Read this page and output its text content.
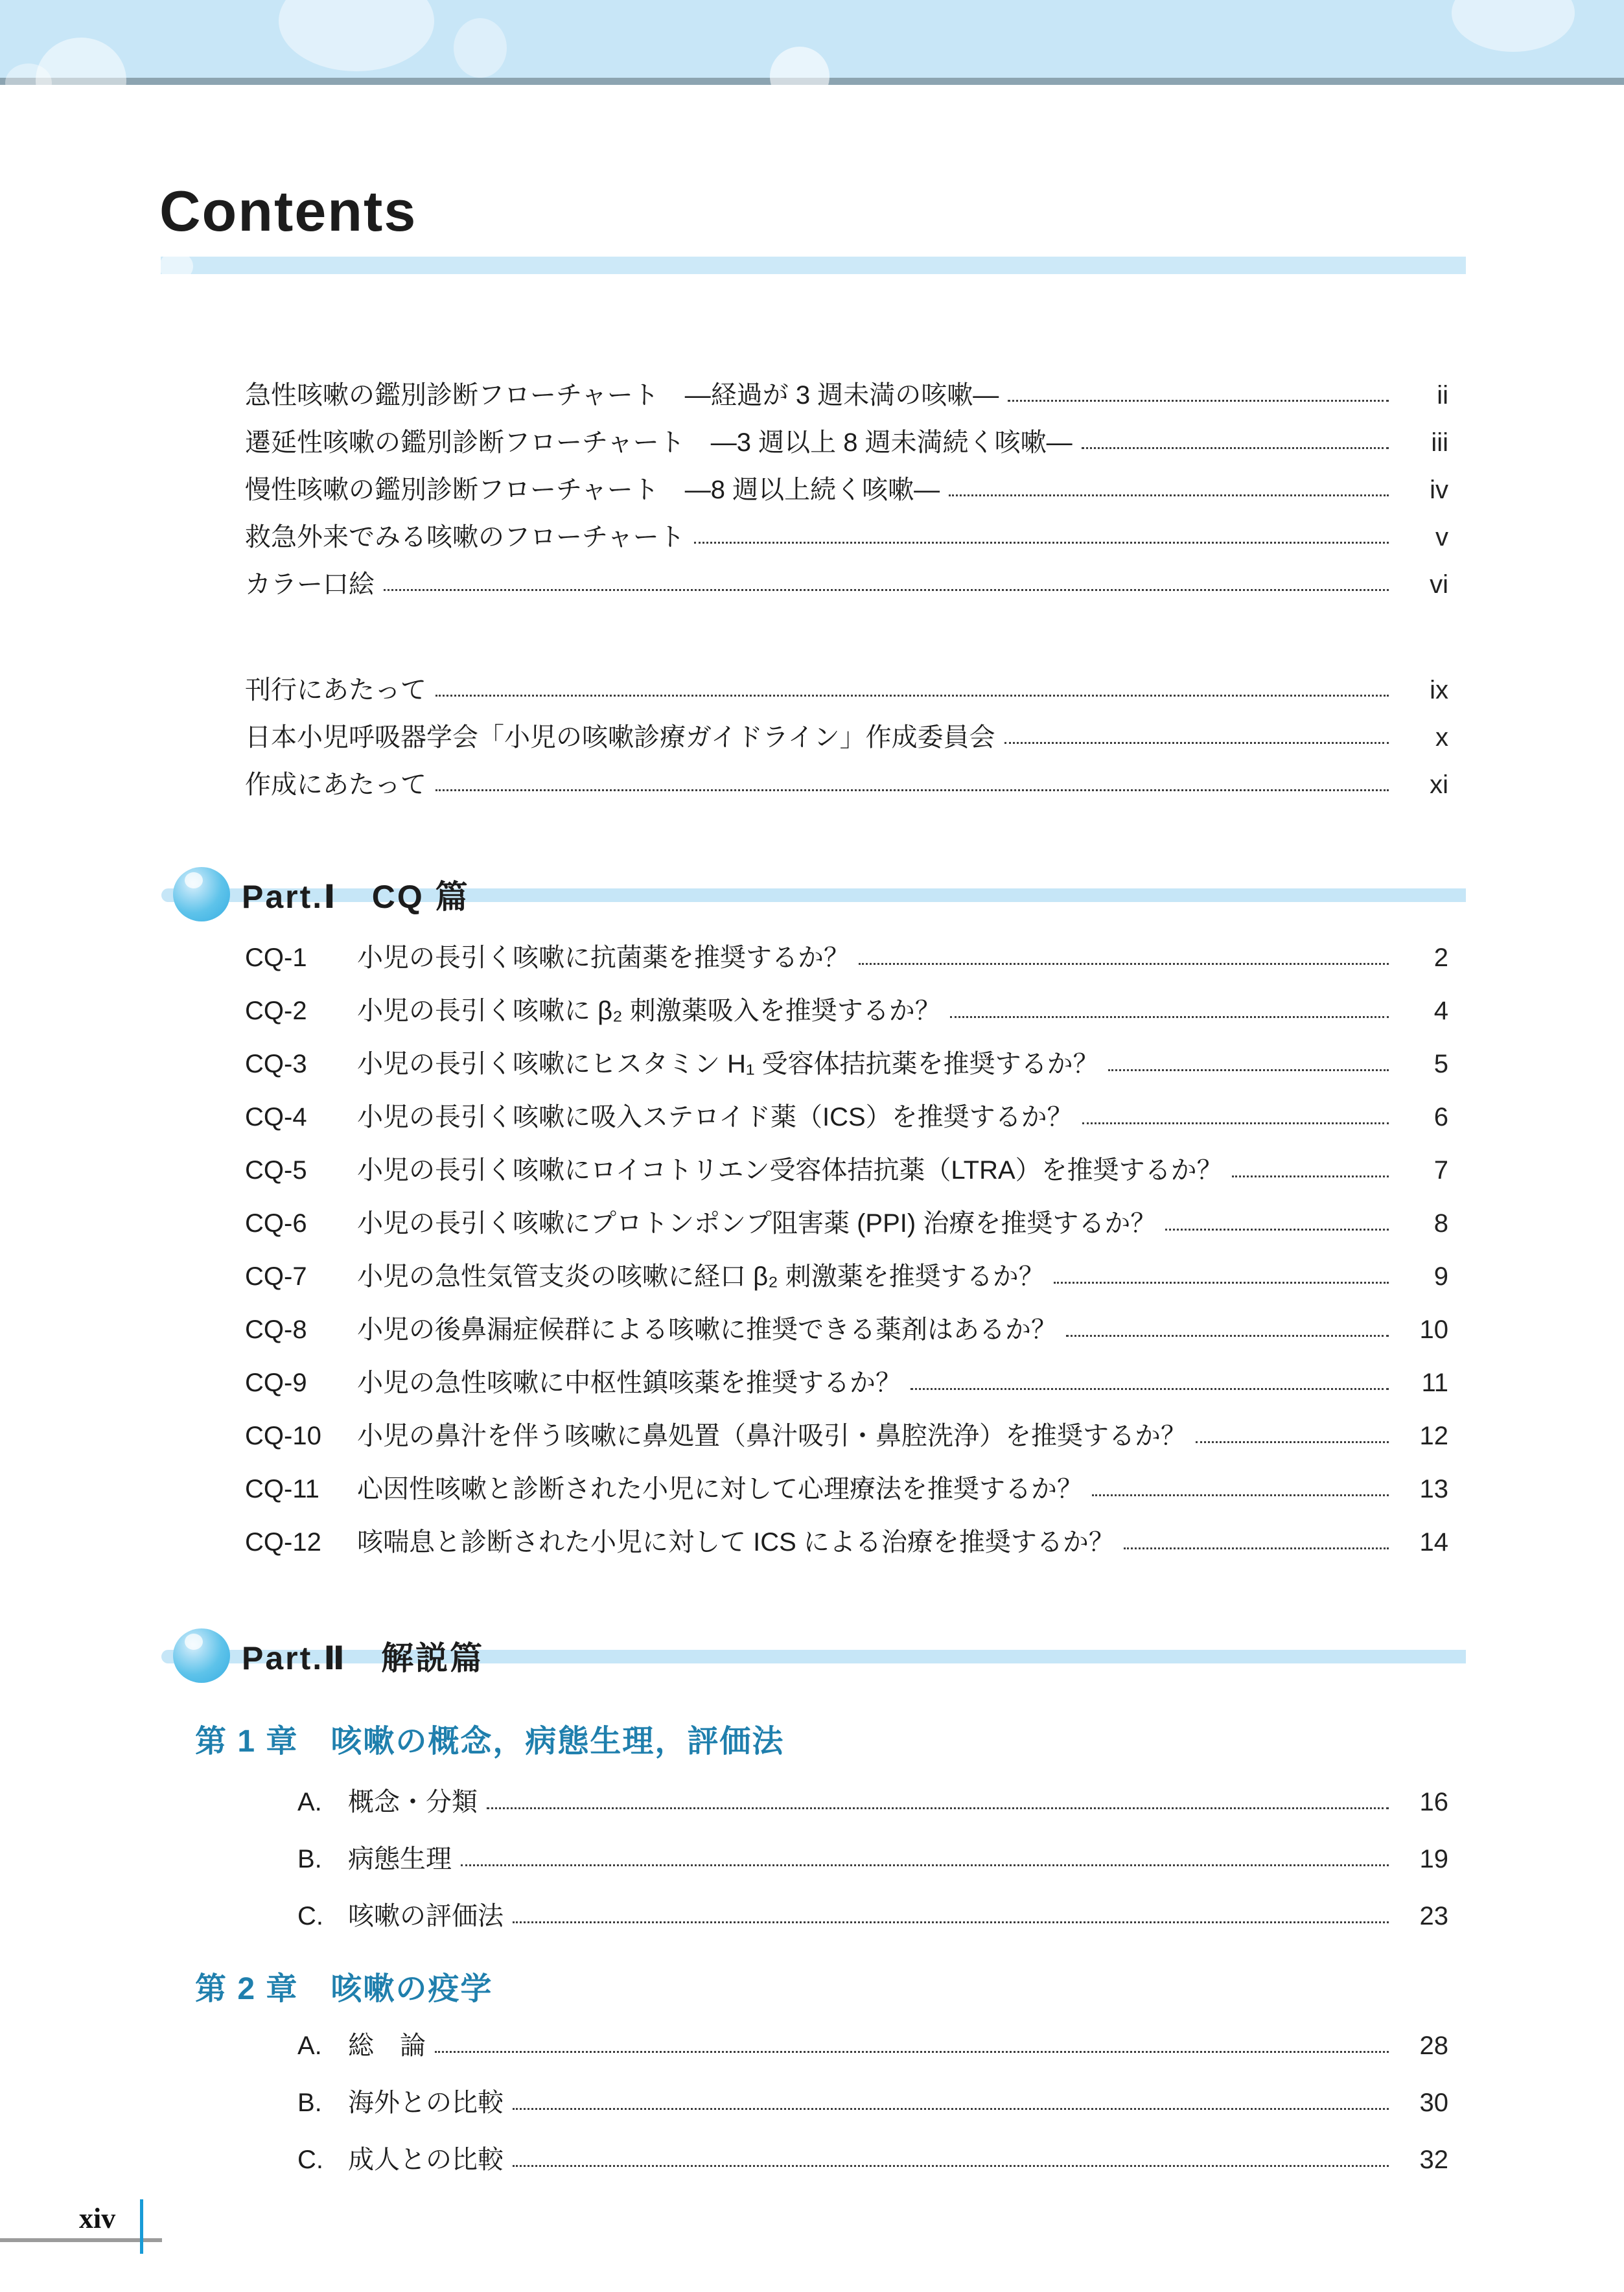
Contents
急性咳嗽の鑑別診断フローチャート　―経過が 3 週未満の咳嗽―	ii
遷延性咳嗽の鑑別診断フローチャート　―3 週以上 8 週未満続く咳嗽―	iii
慢性咳嗽の鑑別診断フローチャート　―8 週以上続く咳嗽―	iv
救急外来でみる咳嗽のフローチャート	v
カラー口絵	vi
刊行にあたって	ix
日本小児呼吸器学会「小児の咳嗽診療ガイドライン」作成委員会	x
作成にあたって	xi
Part.Ⅰ　CQ 篇
CQ-1	小児の長引く咳嗽に抗菌薬を推奨するか？	2
CQ-2	小児の長引く咳嗽に β₂ 刺激薬吸入を推奨するか？	4
CQ-3	小児の長引く咳嗽にヒスタミン H₁ 受容体拮抗薬を推奨するか？	5
CQ-4	小児の長引く咳嗽に吸入ステロイド薬（ICS）を推奨するか？	6
CQ-5	小児の長引く咳嗽にロイコトリエン受容体拮抗薬（LTRA）を推奨するか？	7
CQ-6	小児の長引く咳嗽にプロトンポンプ阻害薬 (PPI) 治療を推奨するか？	8
CQ-7	小児の急性気管支炎の咳嗽に経口 β₂ 刺激薬を推奨するか？	9
CQ-8	小児の後鼻漏症候群による咳嗽に推奨できる薬剤はあるか？	10
CQ-9	小児の急性咳嗽に中枢性鎮咳薬を推奨するか？	11
CQ-10	小児の鼻汁を伴う咳嗽に鼻処置（鼻汁吸引・鼻腔洗浄）を推奨するか？	12
CQ-11	心因性咳嗽と診断された小児に対して心理療法を推奨するか？	13
CQ-12	咳喘息と診断された小児に対して ICS による治療を推奨するか？	14
Part.Ⅱ　解説篇
第 1 章　咳嗽の概念，病態生理，評価法
A.	概念・分類	16
B.	病態生理	19
C. 咳嗽の評価法	23
第 2 章　咳嗽の疫学
A.	総　論	28
B.	海外との比較	30
C. 成人との比較	32
xiv
